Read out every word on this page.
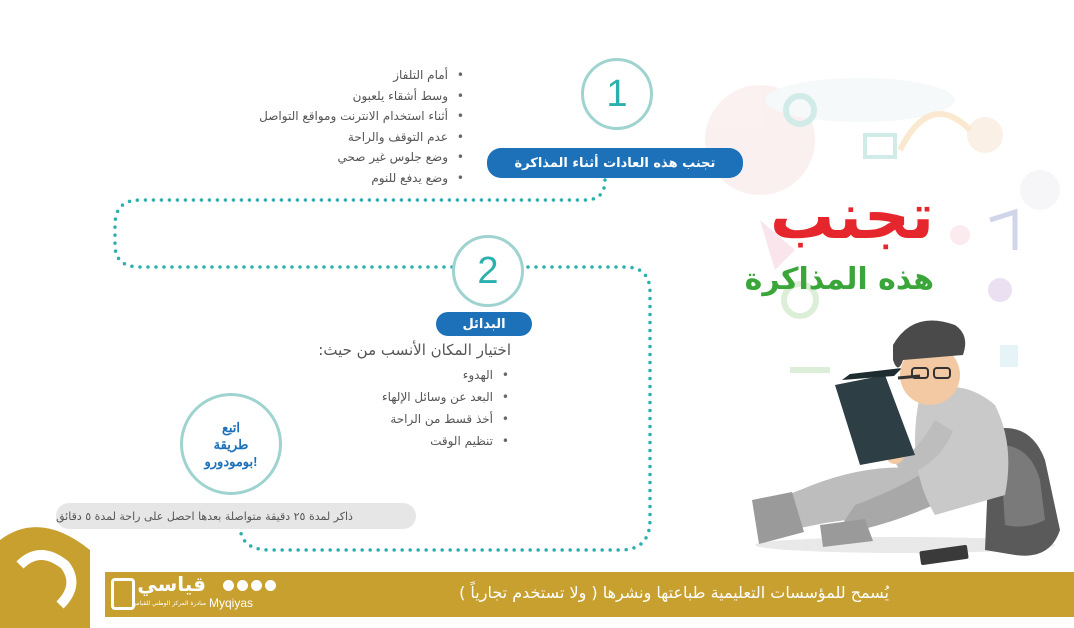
1
تجنب هذه العادات أثناء المذاكرة
• أمام التلفاز
• وسط أشقاء يلعبون
• أثناء استخدام الانترنت ومواقع التواصل
• عدم التوقف والراحة
• وضع جلوس غير صحي
• وضع يدفع للنوم
2
البدائل
اختيار المكان الأنسب من حيث:
• الهدوء
• البعد عن وسائل الإلهاء
• أخذ قسط من الراحة
• تنظيم الوقت
اتبع
طريقة
بومودورو!
ذاكر لمدة ٢٥ دقيقة متواصلة بعدها احصل على راحة لمدة ٥ دقائق
تجنب
هذه المذاكرة
يُسمح للمؤسسات التعليمية طباعتها ونشرها ( ولا تستخدم تجارياً )
Myqiyas
قياسي
مبادرة المركز الوطني للقياس
